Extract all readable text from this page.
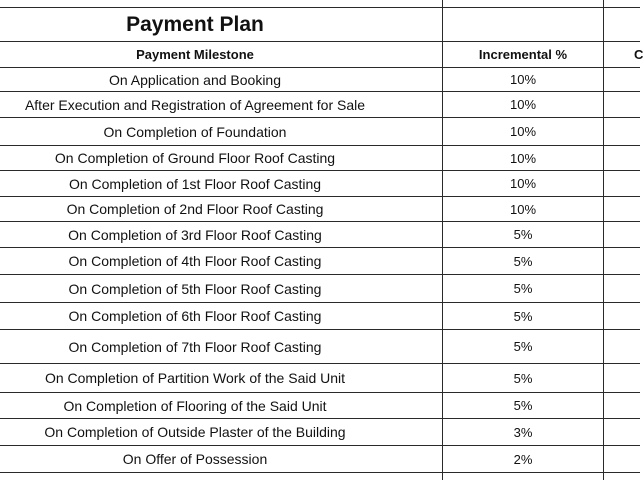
Payment Plan
Payment Milestone	Incremental %	C
On Application and Booking	10%
After Execution and Registration of Agreement for Sale	10%
On Completion of Foundation	10%
On Completion of Ground Floor Roof Casting	10%
On Completion of 1st Floor Roof Casting	10%
On Completion of 2nd Floor Roof Casting	10%
On Completion of 3rd Floor Roof Casting	5%
On Completion of 4th Floor Roof Casting	5%
On Completion of 5th Floor Roof Casting	5%
On Completion of 6th Floor Roof Casting	5%
On Completion of 7th Floor Roof Casting	5%
On Completion of Partition Work of the Said Unit	5%
On Completion of Flooring of the Said Unit	5%
On Completion of Outside Plaster of the Building	3%
On Offer of Possession	2%
